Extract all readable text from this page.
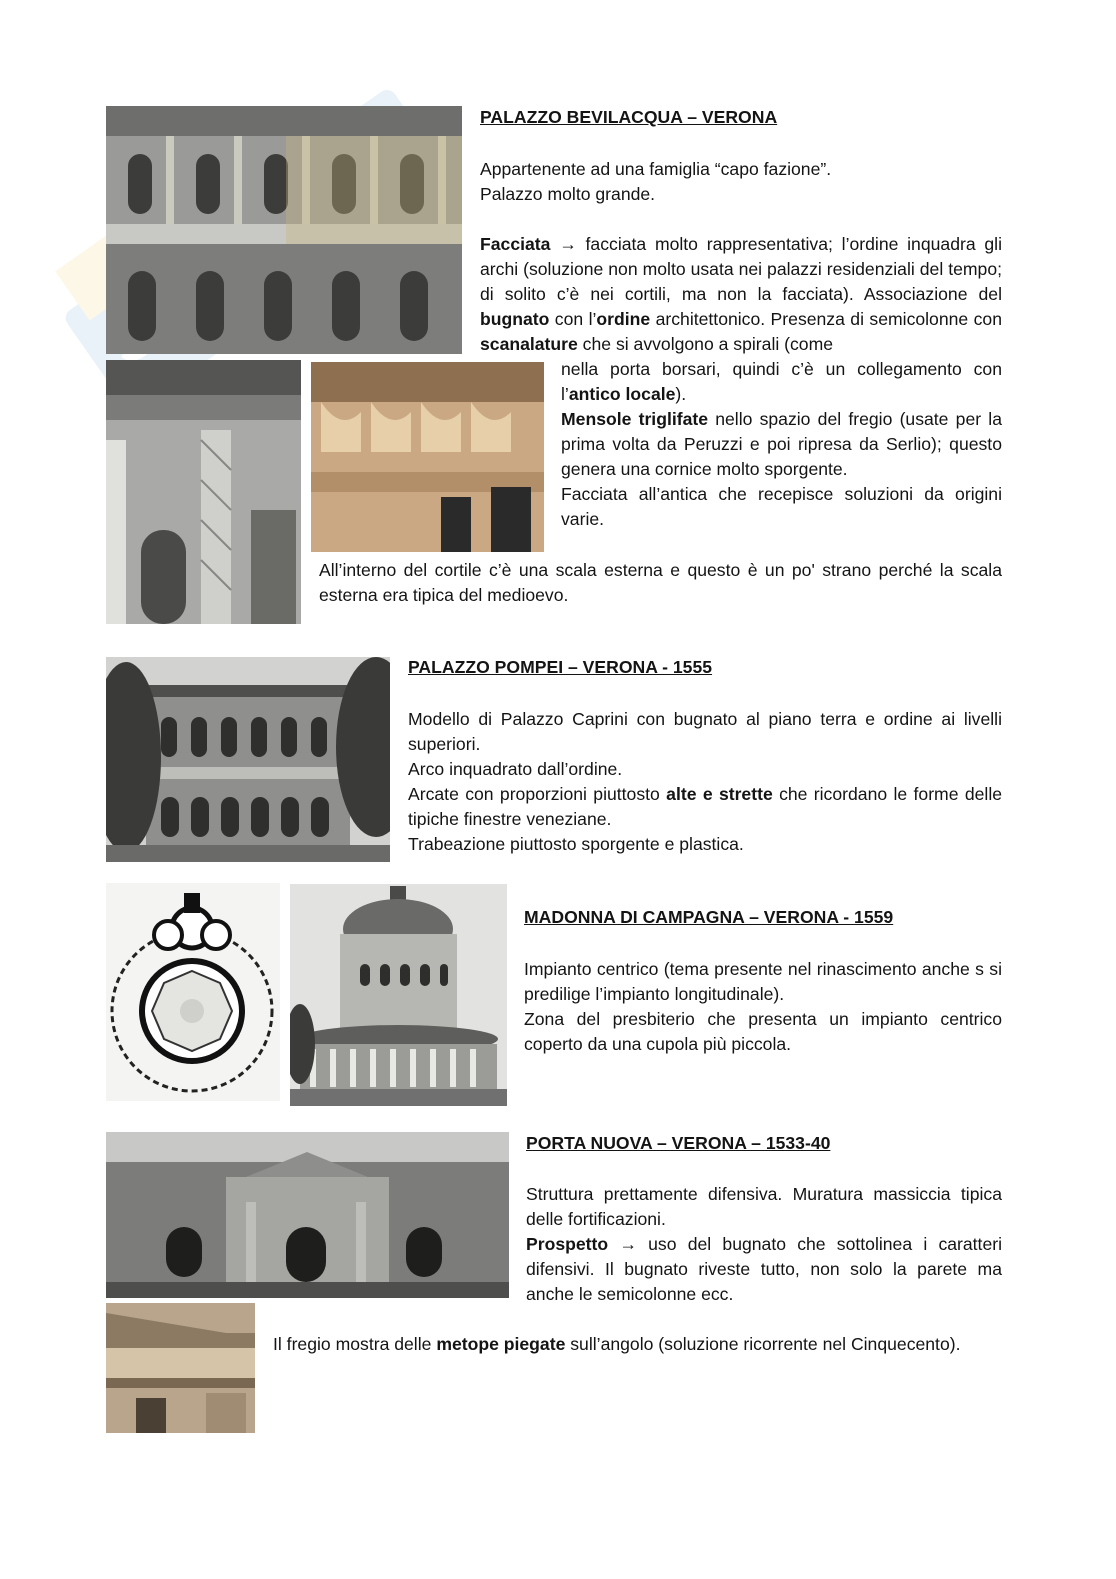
PALAZZO BEVILACQUA – VERONA
Appartenente ad una famiglia “capo fazione”.
Palazzo molto grande.
Facciata → facciata molto rappresentativa; l’ordine inquadra gli archi (soluzione non molto usata nei palazzi residenziali del tempo; di solito c’è nei cortili, ma non la facciata). Associazione del bugnato con l’ordine architettonico. Presenza di semicolonne con scanalature che si avvolgono a spirali (come
nella porta borsari, quindi c’è un collegamento con l’antico locale).
Mensole triglifate nello spazio del fregio (usate per la prima volta da Peruzzi e poi ripresa da Serlio); questo genera una cornice molto sporgente.
Facciata all’antica che recepisce soluzioni da origini varie.
All’interno del cortile c’è una scala esterna e questo è un po' strano perché la scala esterna era tipica del medioevo.
PALAZZO POMPEI – VERONA - 1555
Modello di Palazzo Caprini con bugnato al piano terra e ordine ai livelli superiori.
Arco inquadrato dall’ordine.
Arcate con proporzioni piuttosto alte e strette che ricordano le forme delle tipiche finestre veneziane.
Trabeazione piuttosto sporgente e plastica.
MADONNA DI CAMPAGNA – VERONA - 1559
Impianto centrico (tema presente nel rinascimento anche s si predilige l’impianto longitudinale).
Zona del presbiterio che presenta un impianto centrico coperto da una cupola più piccola.
PORTA NUOVA – VERONA – 1533-40
Struttura prettamente difensiva. Muratura massiccia tipica delle fortificazioni.
Prospetto → uso del bugnato che sottolinea i caratteri difensivi. Il bugnato riveste tutto, non solo la parete ma anche le semicolonne ecc.
Il fregio mostra delle metope piegate sull’angolo (soluzione ricorrente nel Cinquecento).
